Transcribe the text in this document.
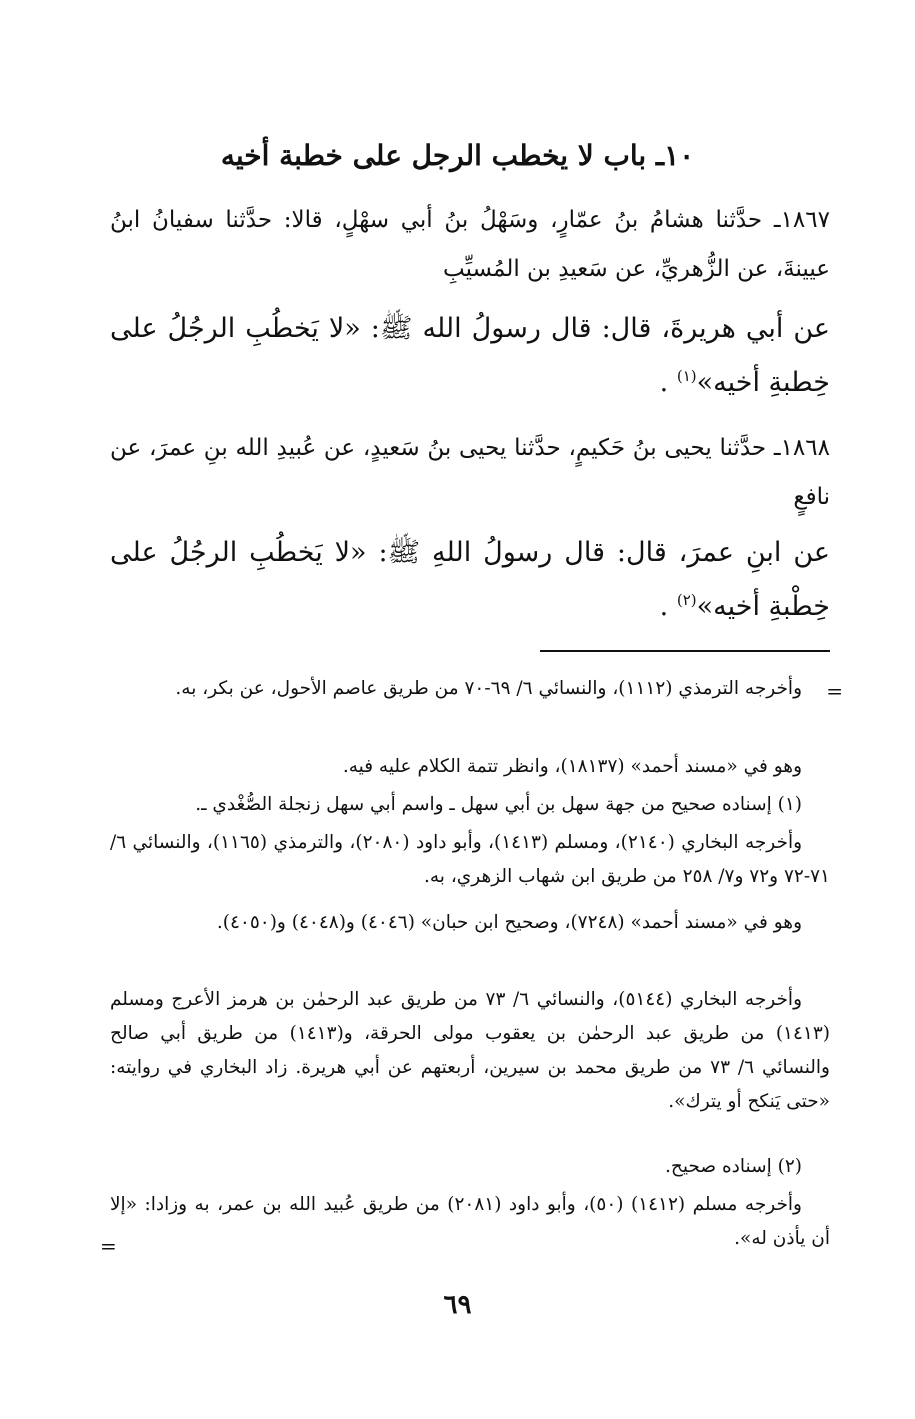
١٠ـ باب لا يخطب الرجل على خطبة أخيه
١٨٦٧ـ حدَّثنا هشامُ بنُ عمّارٍ، وسَهْلُ بنُ أبي سهْلٍ، قالا: حدَّثنا سفيانُ ابنُ عيينةَ، عن الزُّهريِّ، عن سَعيدِ بن المُسيِّبِ
عن أبي هريرةَ، قال: قال رسولُ الله ﷺ: «لا يَخطُبِ الرجُلُ على خِطبةِ أخيه»$^{(١)}$ .
١٨٦٨ـ حدَّثنا يحيى بنُ حَكيمٍ، حدَّثنا يحيى بنُ سَعيدٍ، عن عُبيدِ الله بنِ عمرَ، عن نافعٍ
عن ابنِ عمرَ، قال: قال رسولُ اللهِ ﷺ: «لا يَخطُبِ الرجُلُ على خِطْبةِ أخيه»$^{(٢)}$ .
=
وأخرجه الترمذي (١١١٢)، والنسائي ٦/ ٦٩-٧٠ من طريق عاصم الأحول، عن بكر، به.
وهو في «مسند أحمد» (١٨١٣٧)، وانظر تتمة الكلام عليه فيه.
(١) إسناده صحيح من جهة سهل بن أبي سهل ـ واسم أبي سهل زنجلة الصُّغْدي ـ.
وأخرجه البخاري (٢١٤٠)، ومسلم (١٤١٣)، وأبو داود (٢٠٨٠)، والترمذي (١١٦٥)، والنسائي ٦/ ٧١-٧٢ و٧٢ و٧/ ٢٥٨ من طريق ابن شهاب الزهري، به.
وهو في «مسند أحمد» (٧٢٤٨)، وصحيح ابن حبان» (٤٠٤٦) و(٤٠٤٨) و(٤٠٥٠).
وأخرجه البخاري (٥١٤٤)، والنسائي ٦/ ٧٣ من طريق عبد الرحمٰن بن هرمز الأعرج ومسلم (١٤١٣) من طريق عبد الرحمٰن بن يعقوب مولى الحرقة، و(١٤١٣) من طريق أبي صالح والنسائي ٦/ ٧٣ من طريق محمد بن سيرين، أربعتهم عن أبي هريرة. زاد البخاري في روايته: «حتى يَنكح أو يترك».
(٢) إسناده صحيح.
وأخرجه مسلم (١٤١٢) (٥٠)، وأبو داود (٢٠٨١) من طريق عُبيد الله بن عمر، به وزادا: «إلا أن يأذن له».
=
٦٩
